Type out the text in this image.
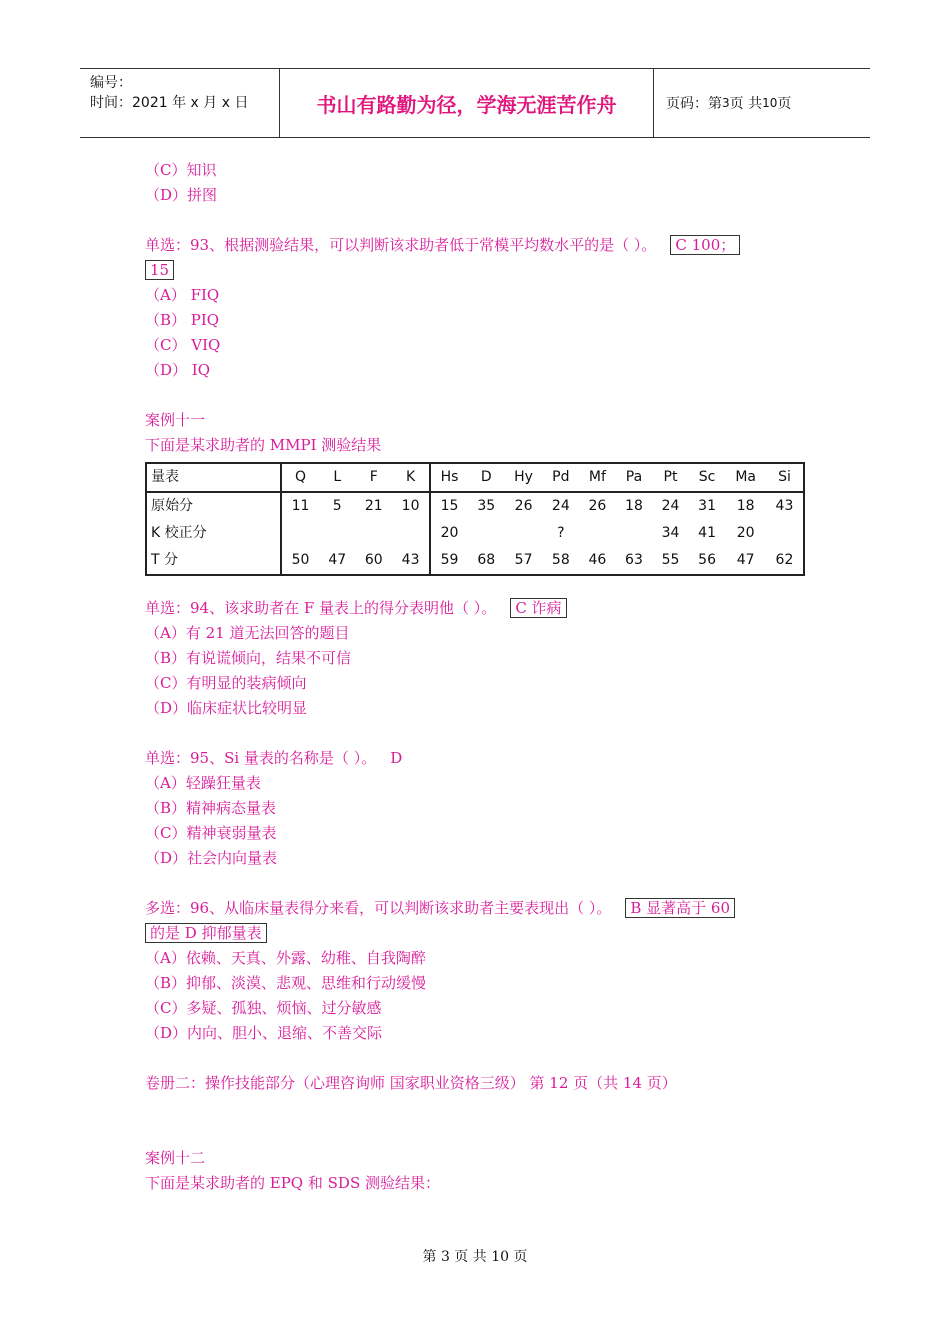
编号：
时间：2021 年 x 月 x 日	书山有路勤为径，学海无涯苦作舟	页码：第 3 页 共 10 页
（C）知识
（D）拼图
单选：93、根据测验结果，可以判断该求助者低于常模平均数水平的是（ ）。 C 100；
15
（A） FIQ
（B） PIQ
（C） VIQ
（D） IQ
案例十一
下面是某求助者的 MMPI 测验结果
量表	Q	L	F	K	Hs	D	Hy	Pd	Mf	Pa	Pt	Sc	Ma	Si
原始分	11	5	21	10	15	35	26	24	26	18	24	31	18	43
K 校正分					20			?			34	41	20	
T 分	50	47	60	43	59	68	57	58	46	63	55	56	47	62
单选：94、该求助者在 F 量表上的得分表明他（ ）。 C 诈病
（A）有 21 道无法回答的题目
（B）有说谎倾向，结果不可信
（C）有明显的装病倾向
（D）临床症状比较明显
单选：95、Si 量表的名称是（ ）。 D
（A）轻躁狂量表
（B）精神病态量表
（C）精神衰弱量表
（D）社会内向量表
多选：96、从临床量表得分来看，可以判断该求助者主要表现出（ ）。 B 显著高于 60
的是 D 抑郁量表
（A）依赖、天真、外露、幼稚、自我陶醉
（B）抑郁、淡漠、悲观、思维和行动缓慢
（C）多疑、孤独、烦恼、过分敏感
（D）内向、胆小、退缩、不善交际
卷册二：操作技能部分（心理咨询师 国家职业资格三级） 第 12 页（共 14 页）
案例十二
下面是某求助者的 EPQ 和 SDS 测验结果：
第 3 页 共 10 页
